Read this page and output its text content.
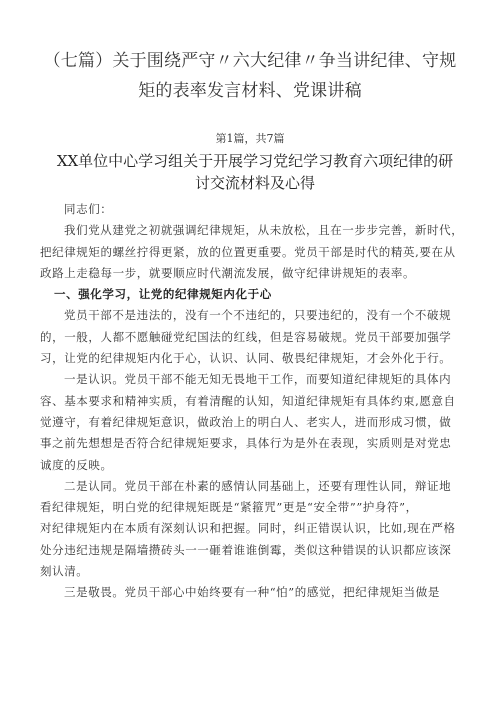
（七篇）关于围绕严守〃六大纪律〃争当讲纪律、守规
矩的表率发言材料、党课讲稿
第1篇，共7篇
XX单位中心学习组关于开展学习党纪学习教育六项纪律的研
讨交流材料及心得
同志们：
我们党从建党之初就强调纪律规矩，从未放松，且在一步步完善，新时代，
把纪律规矩的螺丝拧得更紧，放的位置更重要。党员干部是时代的精英,要在从
政路上走稳每一步，就要顺应时代潮流发展，做守纪律讲规矩的表率。
一、强化学习，让党的纪律规矩内化于心
党员干部不是违法的，没有一个不违纪的，只要违纪的，没有一个不破规
的，一般，人都不愿触碰党纪国法的红线，但是容易破规。党员干部要加强学
习，让党的纪律规矩内化于心，认识、认同、敬畏纪律规矩，才会外化于行。
一是认识。党员干部不能无知无畏地干工作，而要知道纪律规矩的具体内
容、基本要求和精神实质，有着清醒的认知，知道纪律规矩有具体约束,愿意自
觉遵守，有着纪律规矩意识，做政治上的明白人、老实人，进而形成习惯，做
事之前先想想是否符合纪律规矩要求，具体行为是外在表现，实质则是对党忠
诚度的反映。
二是认同。党员干部在朴素的感情认同基础上，还要有理性认同，辩证地
看纪律规矩，明白党的纪律规矩既是“紧箍咒”更是“安全带””护身符”，
对纪律规矩内在本质有深刻认识和把握。同时，纠正错误认识，比如,现在严格
处分违纪违规是隔墙攒砖头一一砸着谁谁倒霉，类似这种错误的认识都应该深
刻认清。
三是敬畏。党员干部心中始终要有一种“怕”的感觉，把纪律规矩当做是
